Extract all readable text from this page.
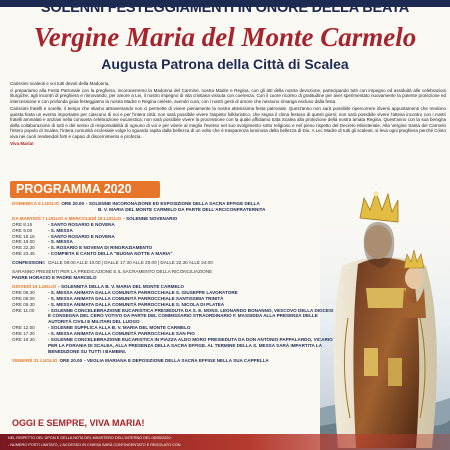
SOLENNI FESTEGGIAMENTI IN ONORE DELLA BEATA
Vergine Maria del Monte Carmelo
Augusta Patrona della Città di Scalea

Carissimi scaleoti e voi tutti devoti della Madonna,

ci prepariamo alla Festa Patronale con la preghiera, incoronerremo la Madonna del Carmine, nostra Madre e Regina, con gli atti della nostra devozione, partecipando tutti con impegno ed assiduità alle celebrazioni liturgiche, agli incontri di preghiera e rinnovando, per amore a Lei, il nostro impegno di vita cristiana vissuta con coerenza. Con il cuore ricolmo di gratitudine per aver sperimentato nuovamente la potente protezione ed intercessione e con profonda gioia festeggiamo la nostra Madre e Regina celeste, avendo cura, con i nostri gesti di amore che nessuno rimanga escluso dalla festa.

Carissimi fratelli e sorelle, il tempo che stiamo attraversando non ci permette di vivere pienamente la nostra attesissima festa patronale. Quest'anno non sarà possibile ripercorrere diversi appuntamenti che rendono questa festa un evento importante per ciascuno di noi e per l'intera città; non sarà possibile vivere l'aspetto folkloristico, che segna il clima festoso di questi giorni; non sarà possibile vivere l'attesa incontro con i nostri fratelli ammalati e anziani nella consueta celebrazione eucaristica; non sarà possibile vivere la processione con la quale affidiamo tutta Scalea alla protezione della nostra amata Regina. Quest'anno con la sua benigna della collaborazione di tutti e del senso di responsabilità di ognuno di voi e per vivere al meglio l'evento nel suo svolgimento sotto religioso e nel pieno rispetto del Decreto Ministeriale. Alla Vergine Santa del Carmelo l'intero popolo di Scalea, l'intera comunità ecclesiale volge lo sguardo rapita dalla bellezza di un volto che è trasparenza luminosa della bellezza di Dio. A Lei, Madre di tutti gli scaleoti, si leva ogni preghiera perché Cristo viva nei cuori rendendoli forti e capaci di discernimento e profezia.

Viva Maria!

PROGRAMMA 2020
DOMENICA 5 LUGLIO ORE 20.00 - SOLENNE INCORONAZIONE ED ESPOSIZIONE DELLA SACRA EFFIGE DELLA
B. V. MARIA DEL MONTE CARMELO DA PARTE DELL'ARCICONFRATERNITA
DA MARTEDÌ 7 LUGLIO A MERCOLEDÌ 15 LUGLIO - SOLENNE NOVENARIO
ORE 8.15	- SANTO ROSARIO E NOVENA
ORE 9.00	- S. MESSA
ORE 18.15	- SANTO ROSARIO E NOVENA
ORE 19.00	- S. MESSA
ORE 22.30	- S. ROSARIO E NOVENA DI RINGRAZIAMENTO
ORE 23.45	- COMPIETA E CANTO DELLA "BUONA NOTTE A MARIA"
CONFESSIONI: DALLE 08.00 ALLE 10.00 | DALLE 17.30 ALLE 20.00 | DALLE 22.30 ALLE 24.00
SARANNO PRESENTI PER LA PREDICAZIONE E IL SACRAMENTO DELLA RICONCILIAZIONE
PADRE HORACIO E PADRE MARCELO
GIOVEDÌ 16 LUGLIO - SOLENNITÀ DELLA B. V. MARIA DEL MONTE CARMELO
ORE 06.30	- S. MESSA ANIMATA DALLA COMUNITÀ PARROCCHIALE S. GIUSEPPE LAVORATORE
ORE 08.00	- S. MESSA ANIMATA DALLA COMUNITÀ PARROCCHIALE SANTISSIMA TRINITÀ
ORE 09.30	- S. MESSA ANIMATA DALLA COMUNITÀ PARROCCHIALE S. NICOLA DI PLATEA
ORE 11.00	- SOLENNE CONCELEBRAZIONE EUCARISTICA PRESIEDUTA DA S. E. MONS. LEONARDO BONANNO, VESCOVO DELLA DIOCESI E CONSEGNA DEL CERO VOTIVO DA PARTE DEL COMMISSARIO STRAORDINARIO F. MASSIDDA ALLA PRESENZA DELLE AUTORITÀ CIVILI E MILITARI DEL LUOGO
ORE 12.00	- SOLENNE SUPPLICA ALLA B. V. MARIA DEL MONTE CARMELO
ORE 17.30	- S. MESSA ANIMATA DALLA COMUNITÀ PARROCCHIALE SAN PIO
ORE 19.30	- SOLENNE CONCELEBRAZIONE EUCARISTICA IN PIAZZA ALDO MORO PRESIEDUTA DA DON ANTONIO PAPPALARDO, VICARIO PER LA FORANIA DI SCALEA, ALLA PRESENZA DELLA SACRA EFFIGE. AL TERMINE DELLA S. MESSA SARÀ IMPARTITA LA BENEDIZIONE SU TUTTI I BAMBINI.
VENERDÌ 31 LUGLIO ORE 20.00 - VEGLIA MARIANA E DEPOSIZIONE DELLA SACRA EFFIGE NELLA SUA CAPPELLA
OGGI E SEMPRE, VIVA MARIA!

NEL RISPETTO DEL DPCM E DELLA NOTA DEL MINISTERO DELL'INTERNO DEL 06/05/2020:

- NUMERO POSTI LIMITATO, L'ACCESSO IN CHIESA SARÀ CONTINGENTATO E REGOLATO CON
